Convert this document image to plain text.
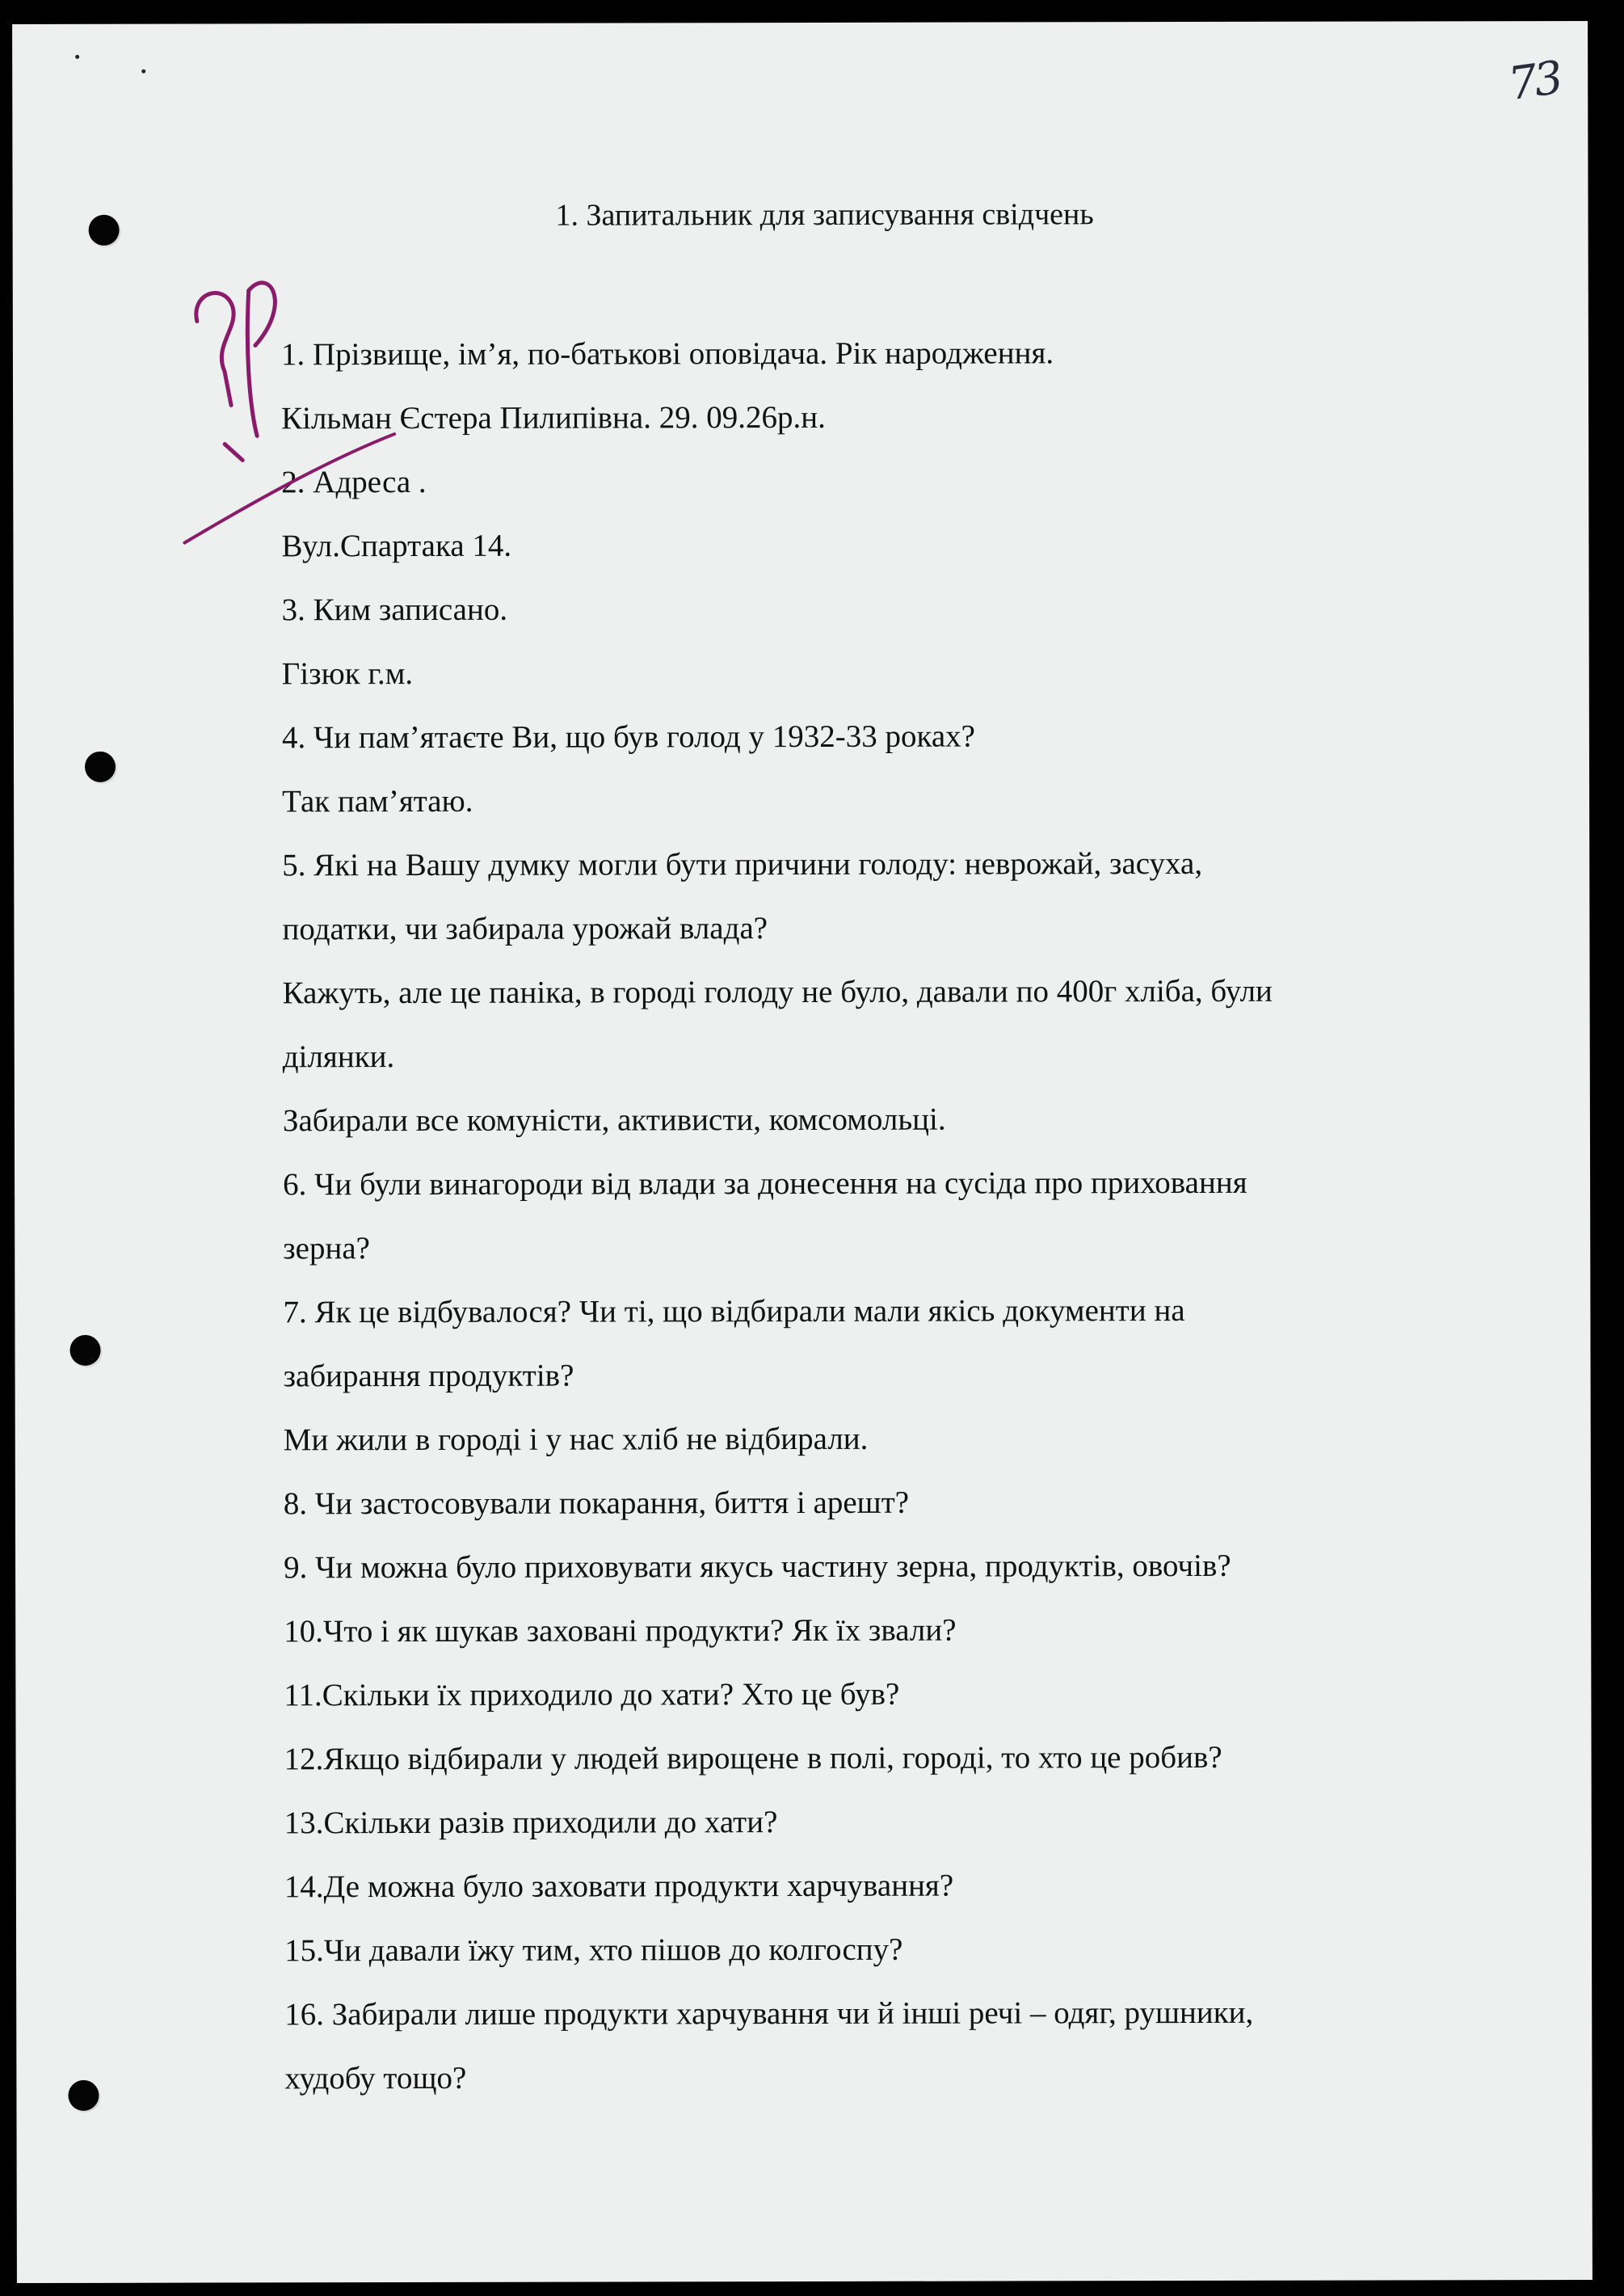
73
1. Запитальник для записування свідчень
1. Прізвище, ім’я, по-батькові оповідача. Рік народження.
Кільман Єстера Пилипівна. 29. 09.26р.н.
2. Адреса .
Вул.Спартака 14.
3. Ким записано.
Гізюк г.м.
4. Чи пам’ятаєте Ви, що був голод у 1932-33 роках?
Так пам’ятаю.
5. Які на Вашу думку могли бути причини голоду: неврожай, засуха,
податки, чи забирала урожай влада?
Кажуть, але це паніка, в городі голоду не було, давали по 400г хліба, були
ділянки.
Забирали все комуністи, активисти, комсомольці.
6. Чи були винагороди від влади за донесення на сусіда про приховання
зерна?
7. Як це відбувалося? Чи ті, що відбирали мали якісь документи на
забирання продуктів?
Ми жили в городі і у нас хліб не відбирали.
8. Чи застосовували покарання, биття і арешт?
9. Чи можна було приховувати якусь частину зерна, продуктів, овочів?
10.Что і як шукав заховані продукти? Як їх звали?
11.Скільки їх приходило до хати? Хто це був?
12.Якщо відбирали у людей вирощене в полі, городі, то хто це робив?
13.Скільки разів приходили до хати?
14.Де можна було заховати продукти харчування?
15.Чи давали їжу тим, хто пішов до колгоспу?
16. Забирали лише продукти харчування чи й інші речі – одяг, рушники,
худобу тощо?
